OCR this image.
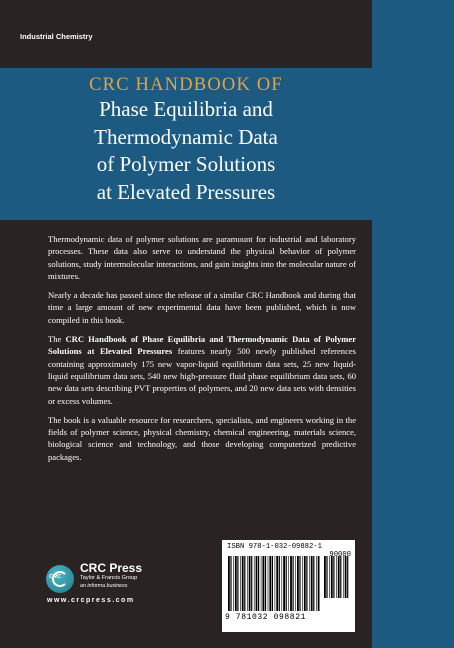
Industrial Chemistry
CRC HANDBOOK OF
Phase Equilibria and
Thermodynamic Data
of Polymer Solutions
at Elevated Pressures

Thermodynamic data of polymer solutions are paramount for industrial and laboratory processes. These data also serve to understand the physical behavior of polymer solutions, study intermolecular interactions, and gain insights into the molecular nature of mixtures.

Nearly a decade has passed since the release of a similar CRC Handbook and during that time a large amount of new experimental data have been published, which is now compiled in this book.

The CRC Handbook of Phase Equilibria and Thermodynamic Data of Polymer Solutions at Elevated Pressures features nearly 500 newly published references containing approximately 175 new vapor-liquid equilibrium data sets, 25 new liquid-liquid equilibrium data sets, 540 new high-pressure fluid phase equilibrium data sets, 60 new data sets describing PVT properties of polymers, and 20 new data sets with densities or excess volumes.

The book is a valuable resource for researchers, specialists, and engineers working in the fields of polymer science, physical chemistry, chemical engineering, materials science, biological science and technology, and those developing computerized predictive packages.

CRC
CRC Press
Taylor & Francis Group
an informa business
www.crcpress.com
ISBN 978-1-032-09882-1
90000
9 781032 098821
